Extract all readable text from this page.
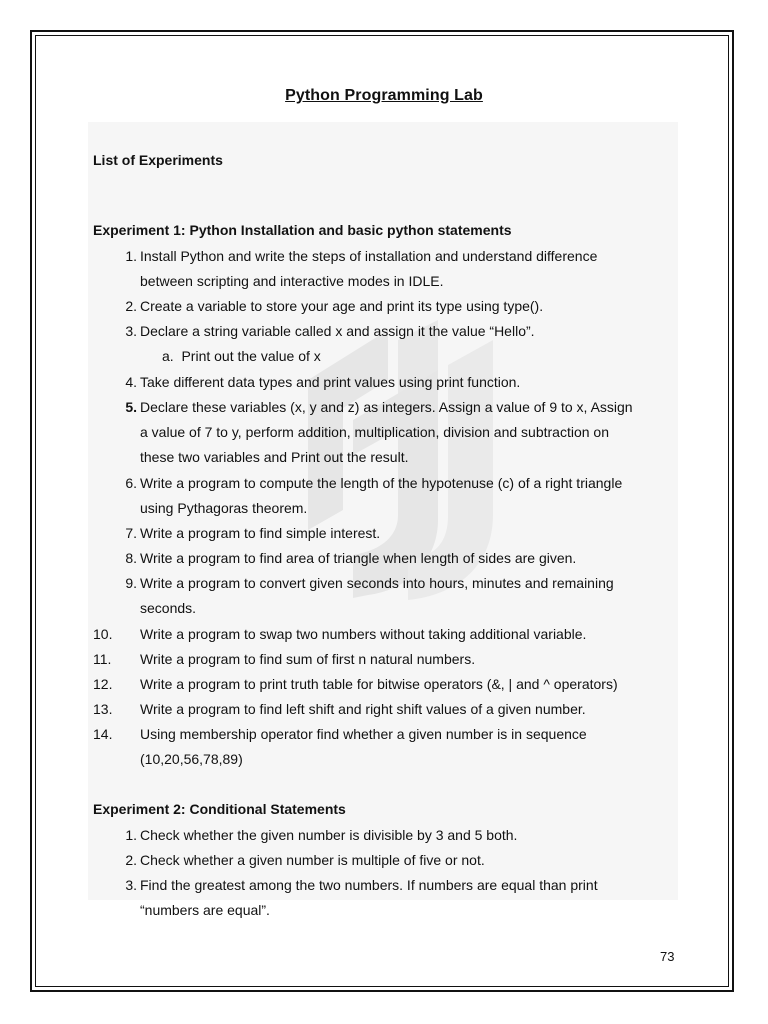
Python Programming Lab
List of Experiments
Experiment 1: Python Installation and basic python statements
1. Install Python and write the steps of installation and understand difference
between scripting and interactive modes in IDLE.
2. Create a variable to store your age and print its type using type().
3. Declare a string variable called x and assign it the value “Hello”.
a. Print out the value of x
4. Take different data types and print values using print function.
5. Declare these variables (x, y and z) as integers. Assign a value of 9 to x, Assign
a value of 7 to y, perform addition, multiplication, division and subtraction on
these two variables and Print out the result.
6. Write a program to compute the length of the hypotenuse (c) of a right triangle
using Pythagoras theorem.
7. Write a program to find simple interest.
8. Write a program to find area of triangle when length of sides are given.
9. Write a program to convert given seconds into hours, minutes and remaining
seconds.
10.	Write a program to swap two numbers without taking additional variable.
11.	Write a program to find sum of first n natural numbers.
12.	Write a program to print truth table for bitwise operators (&, | and ^ operators)
13.	Write a program to find left shift and right shift values of a given number.
14.	Using membership operator find whether a given number is in sequence
(10,20,56,78,89)
Experiment 2: Conditional Statements
1. Check whether the given number is divisible by 3 and 5 both.
2. Check whether a given number is multiple of five or not.
3. Find the greatest among the two numbers. If numbers are equal than print
“numbers are equal”.
73
